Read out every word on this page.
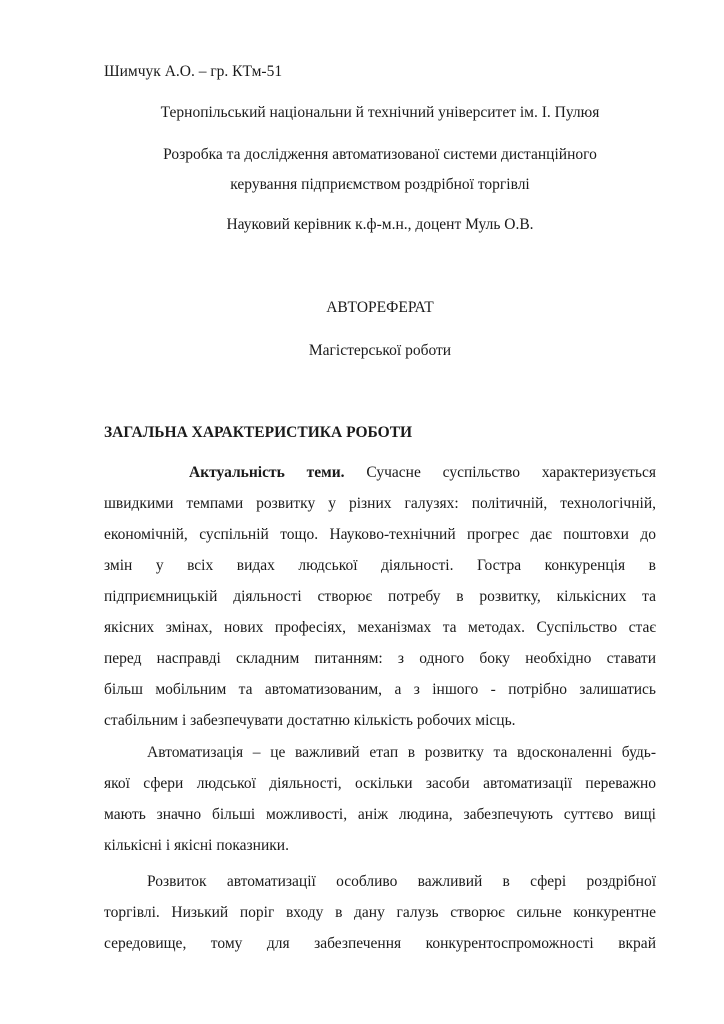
Шимчук А.О. – гр. КТм-51
Тернопільський національни й технічний університет ім. І. Пулюя
Розробка та дослідження автоматизованої системи дистанційного
керування підприємством роздрібної торгівлі
Науковий керівник к.ф-м.н., доцент Муль О.В.
АВТОРЕФЕРАТ
Магістерської роботи
ЗАГАЛЬНА ХАРАКТЕРИСТИКА РОБОТИ
Актуальність теми. Сучасне суспільство характеризується
швидкими темпами розвитку у різних галузях: політичній, технологічній,
економічній, суспільній тощо. Науково-технічний прогрес дає поштовхи до
змін у всіх видах людської діяльності. Гостра конкуренція в
підприємницькій діяльності створює потребу в розвитку, кількісних та
якісних змінах, нових професіях, механізмах та методах. Суспільство стає
перед насправді складним питанням: з одного боку необхідно ставати
більш мобільним та автоматизованим, а з іншого - потрібно залишатись
стабільним і забезпечувати достатню кількість робочих місць.
Автоматизація – це важливий етап в розвитку та вдосконаленні будь-
якої сфери людської діяльності, оскільки засоби автоматизації переважно
мають значно більші можливості, аніж людина, забезпечують суттєво вищі
кількісні і якісні показники.
Розвиток автоматизації особливо важливий в сфері роздрібної
торгівлі. Низький поріг входу в дану галузь створює сильне конкурентне
середовище, тому для забезпечення конкурентоспроможності вкрай
